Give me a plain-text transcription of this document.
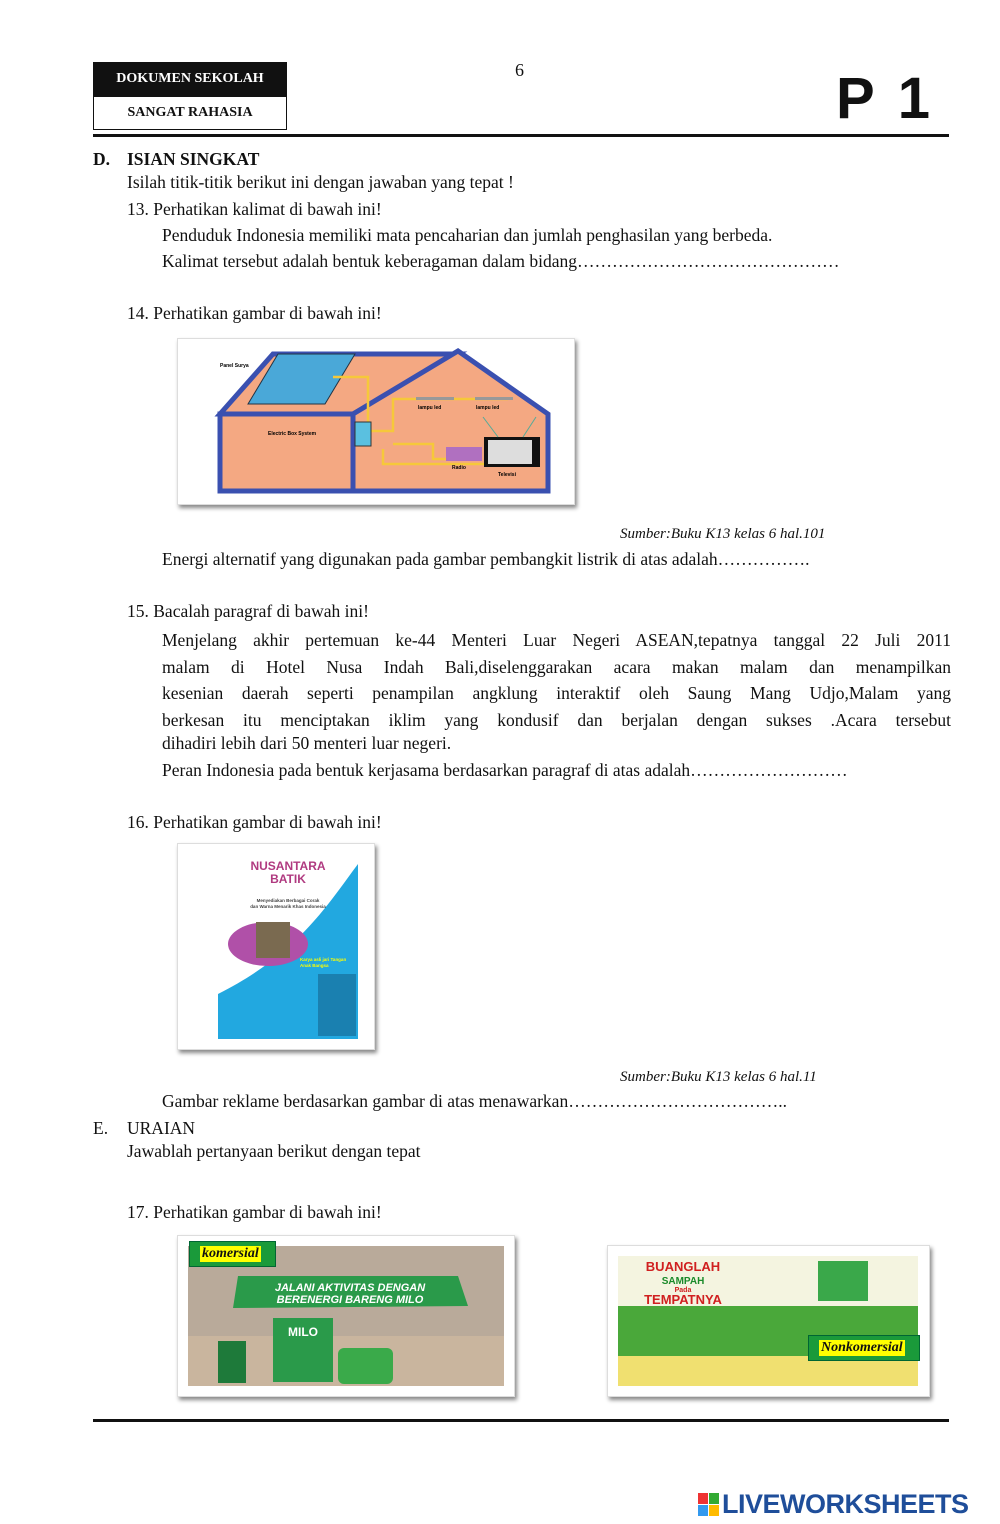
DOKUMEN SEKOLAH
SANGAT RAHASIA
6	P 1
D. ISIAN SINGKAT
Isilah titik-titik berikut ini dengan jawaban yang tepat !
13. Perhatikan kalimat di bawah ini!
Penduduk Indonesia memiliki mata pencaharian dan jumlah penghasilan yang berbeda.
Kalimat tersebut adalah bentuk keberagaman dalam bidang………………………………………
14. Perhatikan gambar di bawah ini!
Panel Surya
Electric Box System
lampu led	lampu led
Radio
Televisi
Sumber:Buku K13 kelas 6 hal.101
Energi alternatif yang digunakan pada gambar pembangkit listrik di atas adalah…………….
15. Bacalah paragraf di bawah ini!
Menjelang akhir pertemuan ke-44 Menteri Luar Negeri ASEAN,tepatnya tanggal 22 Juli 2011
malam di Hotel Nusa Indah Bali,diselenggarakan acara makan malam dan menampilkan
kesenian daerah seperti penampilan angklung interaktif oleh Saung Mang Udjo,Malam yang
berkesan itu menciptakan iklim yang kondusif dan berjalan dengan sukses .Acara tersebut
dihadiri lebih dari 50 menteri luar negeri.
Peran Indonesia pada bentuk kerjasama berdasarkan paragraf di atas adalah………………………
16. Perhatikan gambar di bawah ini!
NUSANTARA
BATIK
Menyediakan Berbagai Corak
dan Warna Menarik Khas Indonesia
Karya asli jari Tangan
Anak Bangsa
Sumber:Buku K13 kelas 6 hal.11
Gambar reklame berdasarkan gambar di atas menawarkan………………………………..
E. URAIAN
Jawablah pertanyaan berikut dengan tepat
17. Perhatikan gambar di bawah ini!
JALANI AKTIVITAS DENGAN
BERENERGI BARENG MILO
MILO
komersial
BUANGLAH
SAMPAH
Pada
TEMPATNYA
Nonkomersial
LIVEWORKSHEETS
